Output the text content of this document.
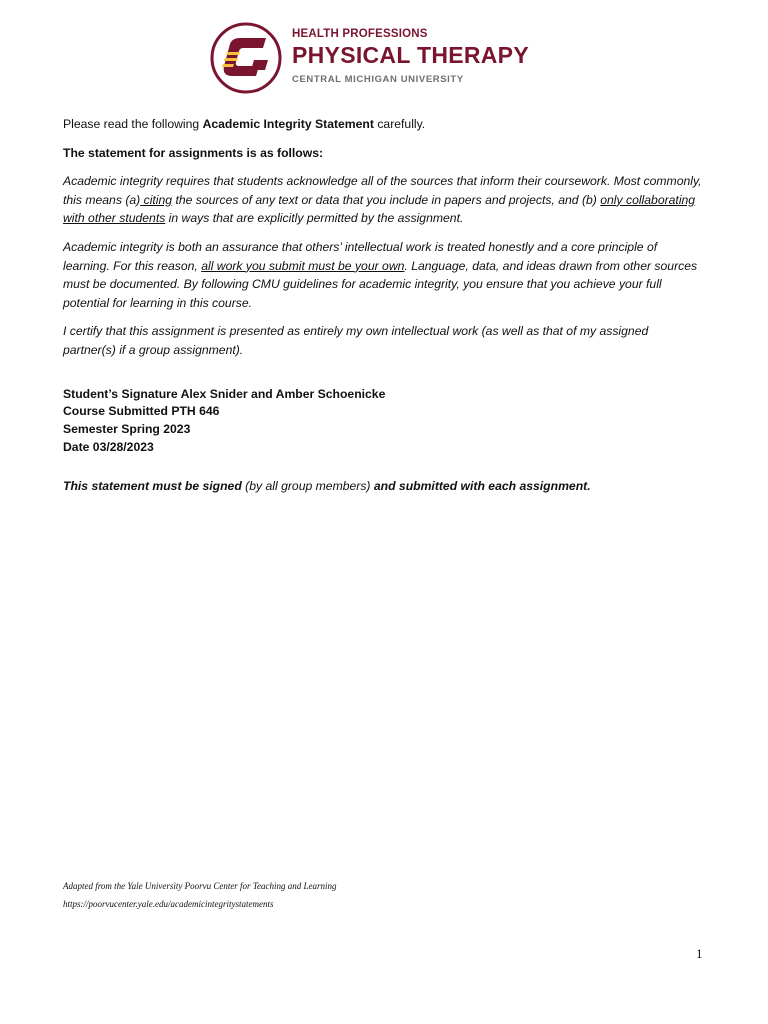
HEALTH PROFESSIONS
PHYSICAL THERAPY
CENTRAL MICHIGAN UNIVERSITY

Please read the following Academic Integrity Statement carefully.

The statement for assignments is as follows:

Academic integrity requires that students acknowledge all of the sources that inform their coursework. Most commonly, this means (a) citing the sources of any text or data that you include in papers and projects, and (b) only collaborating with other students in ways that are explicitly permitted by the assignment.

Academic integrity is both an assurance that others’ intellectual work is treated honestly and a core principle of learning. For this reason, all work you submit must be your own. Language, data, and ideas drawn from other sources must be documented. By following CMU guidelines for academic integrity, you ensure that you achieve your full potential for learning in this course.

I certify that this assignment is presented as entirely my own intellectual work (as well as that of my assigned partner(s) if a group assignment).

Student’s Signature Alex Snider and Amber Schoenicke
Course Submitted PTH 646
Semester Spring 2023
Date 03/28/2023

This statement must be signed (by all group members) and submitted with each assignment.

Adapted from the Yale University Poorvu Center for Teaching and Learning
https://poorvucenter.yale.edu/academicintegritystatements
1
